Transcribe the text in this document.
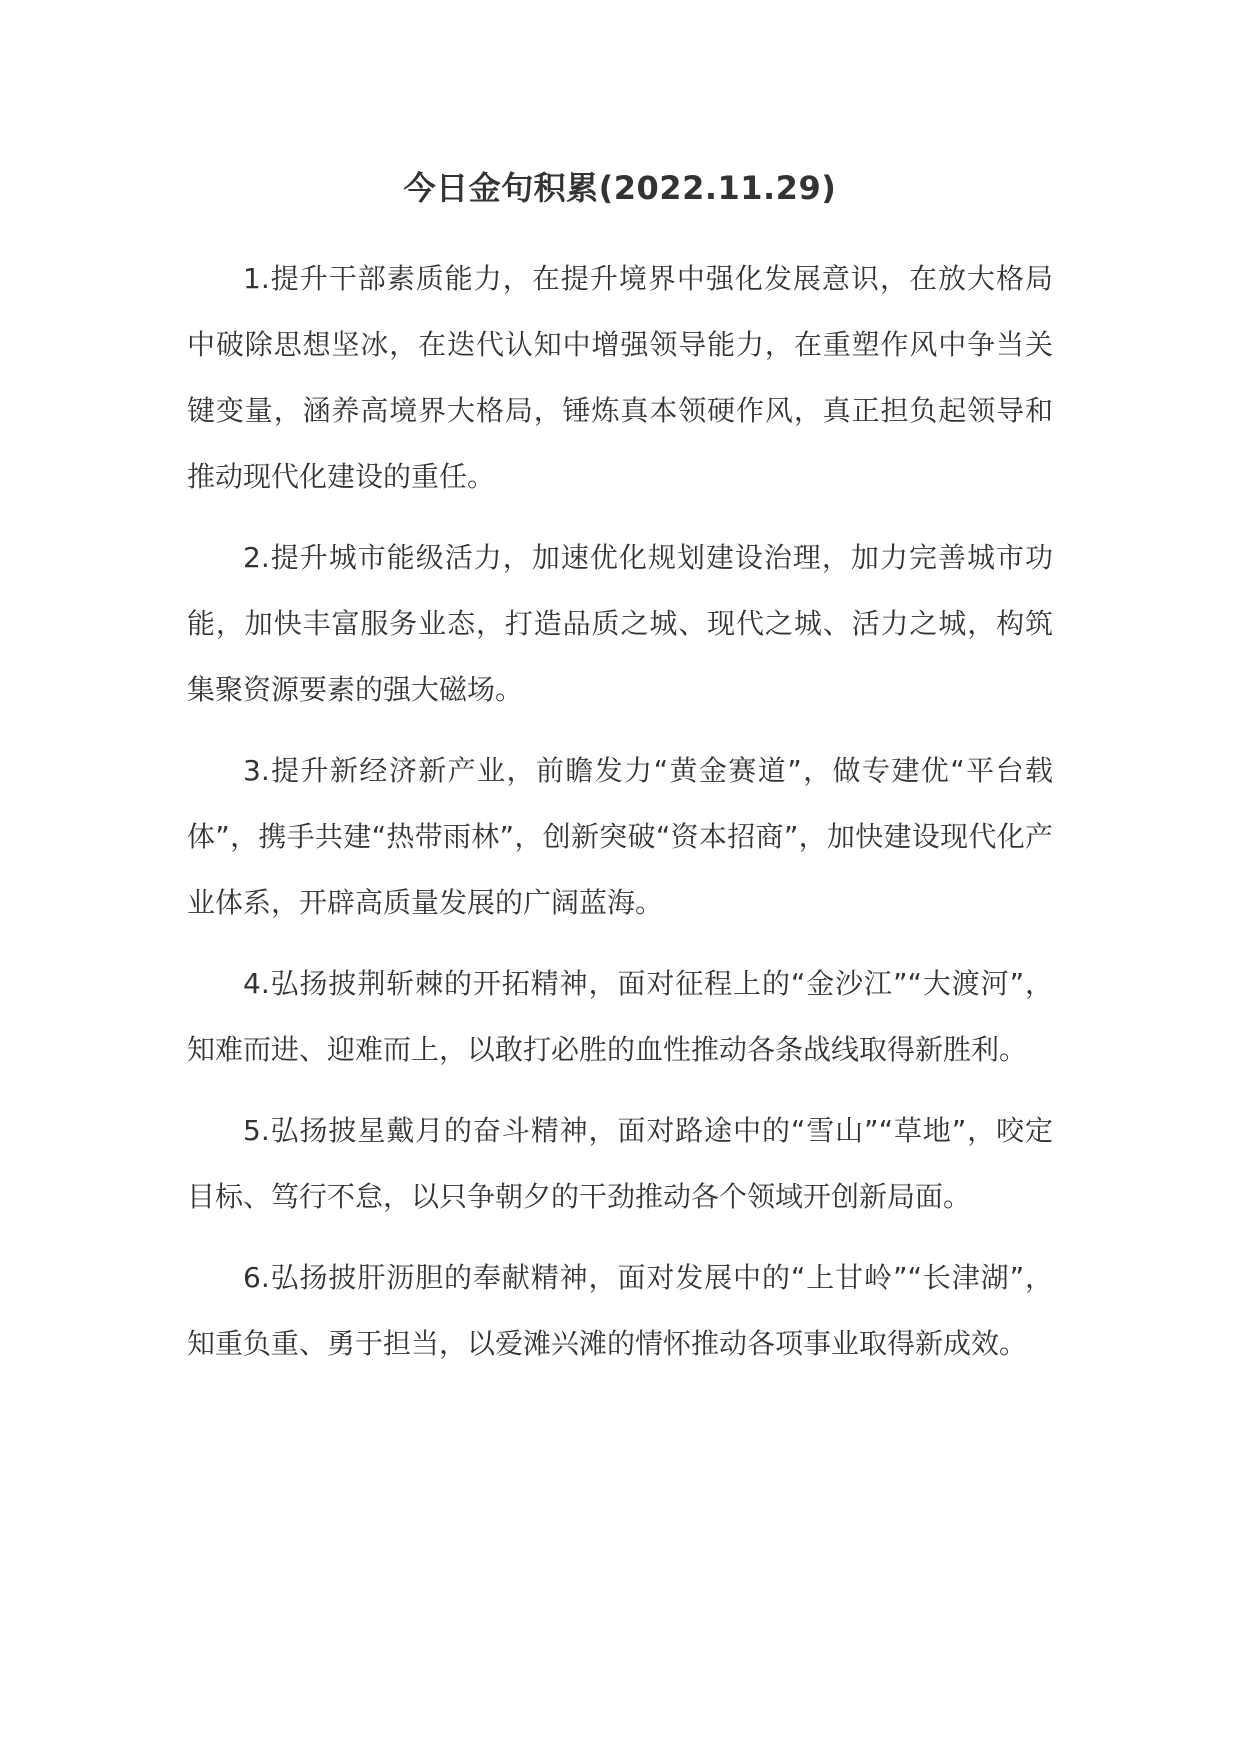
今日金句积累(2022.11.29)

1.提升干部素质能力，在提升境界中强化发展意识，在放大格局中破除思想坚冰，在迭代认知中增强领导能力，在重塑作风中争当关键变量，涵养高境界大格局，锤炼真本领硬作风，真正担负起领导和推动现代化建设的重任。

2.提升城市能级活力，加速优化规划建设治理，加力完善城市功能，加快丰富服务业态，打造品质之城、现代之城、活力之城，构筑集聚资源要素的强大磁场。

3.提升新经济新产业，前瞻发力“黄金赛道”，做专建优“平台载体”，携手共建“热带雨林”，创新突破“资本招商”，加快建设现代化产业体系，开辟高质量发展的广阔蓝海。

4.弘扬披荆斩棘的开拓精神，面对征程上的“金沙江”“大渡河”，知难而进、迎难而上，以敢打必胜的血性推动各条战线取得新胜利。

5.弘扬披星戴月的奋斗精神，面对路途中的“雪山”“草地”，咬定目标、笃行不怠，以只争朝夕的干劲推动各个领域开创新局面。

6.弘扬披肝沥胆的奉献精神，面对发展中的“上甘岭”“长津湖”，知重负重、勇于担当，以爱滩兴滩的情怀推动各项事业取得新成效。
